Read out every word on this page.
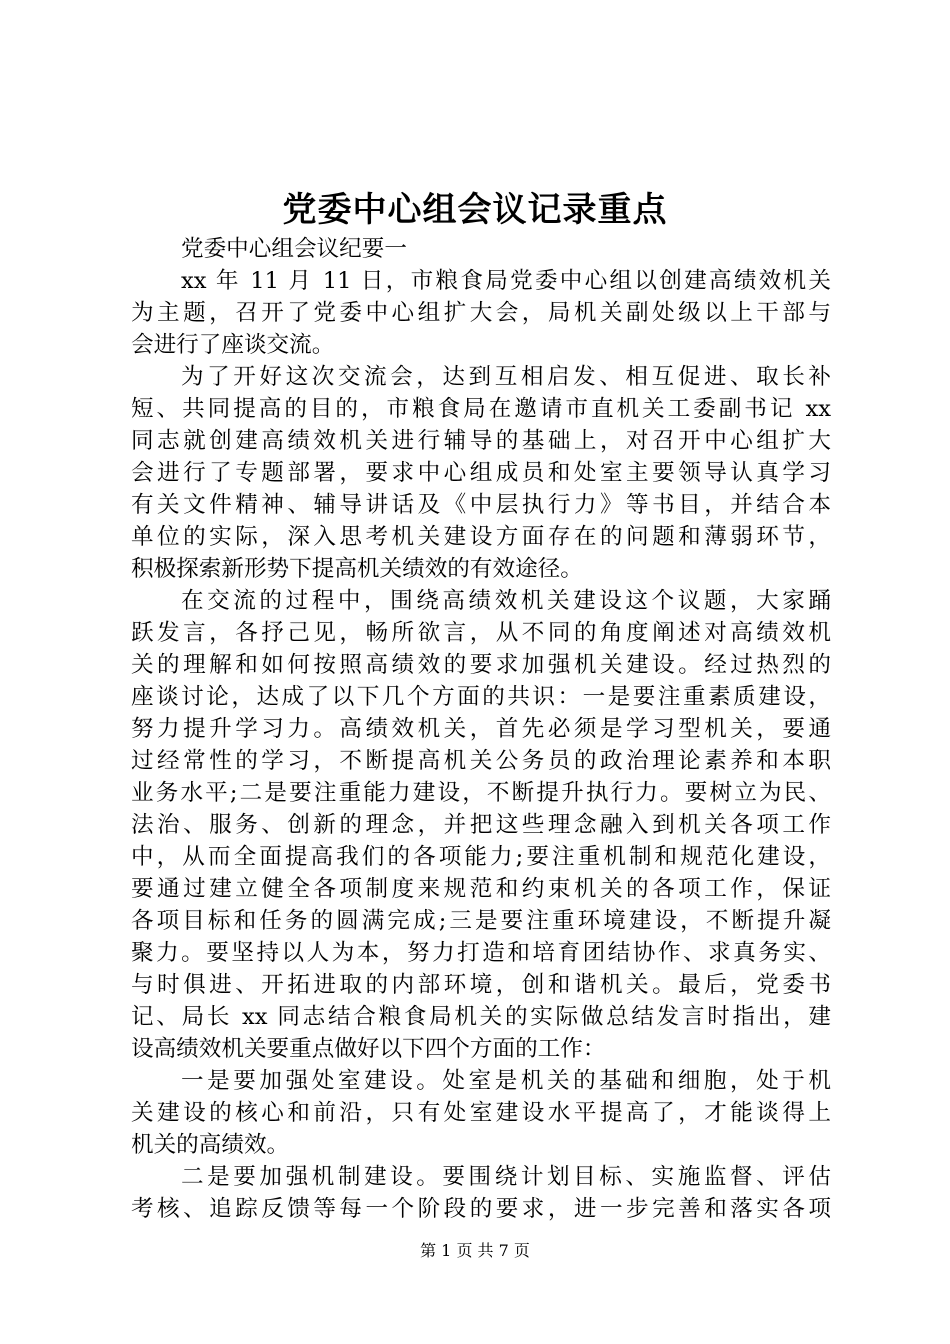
党委中心组会议记录重点
党委中心组会议纪要一
xx 年 11 月 11 日，市粮食局党委中心组以创建高绩效机关
为主题，召开了党委中心组扩大会，局机关副处级以上干部与
会进行了座谈交流。
为了开好这次交流会，达到互相启发、相互促进、取长补
短、共同提高的目的，市粮食局在邀请市直机关工委副书记 xx
同志就创建高绩效机关进行辅导的基础上，对召开中心组扩大
会进行了专题部署，要求中心组成员和处室主要领导认真学习
有关文件精神、辅导讲话及《中层执行力》等书目，并结合本
单位的实际，深入思考机关建设方面存在的问题和薄弱环节，
积极探索新形势下提高机关绩效的有效途径。
在交流的过程中，围绕高绩效机关建设这个议题，大家踊
跃发言，各抒己见，畅所欲言，从不同的角度阐述对高绩效机
关的理解和如何按照高绩效的要求加强机关建设。经过热烈的
座谈讨论，达成了以下几个方面的共识：一是要注重素质建设，
努力提升学习力。高绩效机关，首先必须是学习型机关，要通
过经常性的学习，不断提高机关公务员的政治理论素养和本职
业务水平;二是要注重能力建设，不断提升执行力。要树立为民、
法治、服务、创新的理念，并把这些理念融入到机关各项工作
中，从而全面提高我们的各项能力;要注重机制和规范化建设，
要通过建立健全各项制度来规范和约束机关的各项工作，保证
各项目标和任务的圆满完成;三是要注重环境建设，不断提升凝
聚力。要坚持以人为本，努力打造和培育团结协作、求真务实、
与时俱进、开拓进取的内部环境，创和谐机关。最后，党委书
记、局长 xx 同志结合粮食局机关的实际做总结发言时指出，建
设高绩效机关要重点做好以下四个方面的工作：
一是要加强处室建设。处室是机关的基础和细胞，处于机
关建设的核心和前沿，只有处室建设水平提高了，才能谈得上
机关的高绩效。
二是要加强机制建设。要围绕计划目标、实施监督、评估
考核、追踪反馈等每一个阶段的要求，进一步完善和落实各项
第 1 页 共 7 页
